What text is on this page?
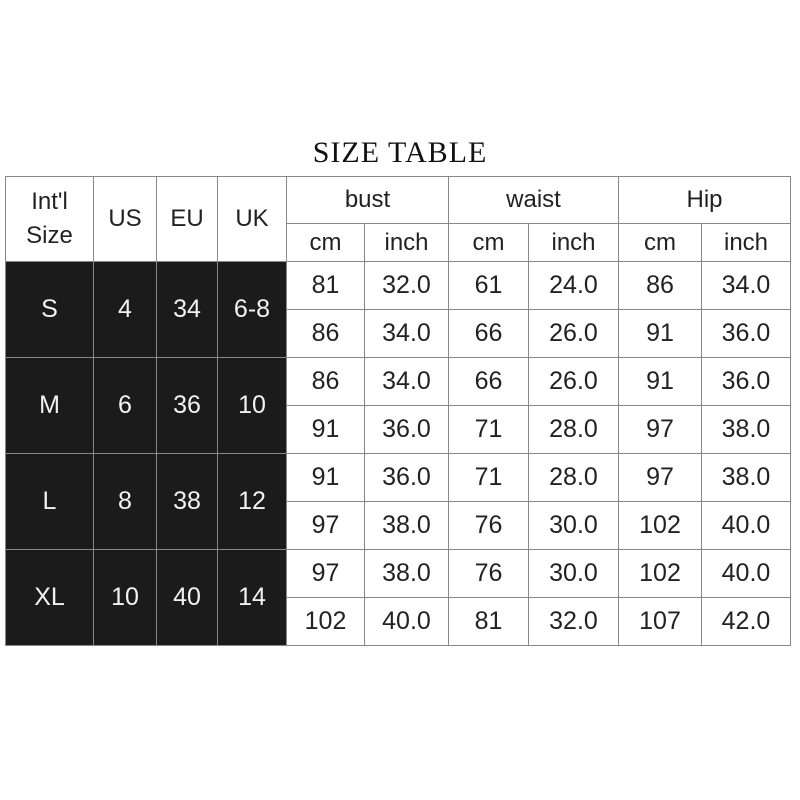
SIZE TABLE
Int'l
Size	US	EU	UK	bust		waist		Hip	
				cm	inch	cm	inch	cm	inch
S	4	34	6-8	81	32.0	61	24.0	86	34.0
				86	34.0	66	26.0	91	36.0
M	6	36	10	86	34.0	66	26.0	91	36.0
				91	36.0	71	28.0	97	38.0
L	8	38	12	91	36.0	71	28.0	97	38.0
				97	38.0	76	30.0	102	40.0
XL	10	40	14	97	38.0	76	30.0	102	40.0
				102	40.0	81	32.0	107	42.0
